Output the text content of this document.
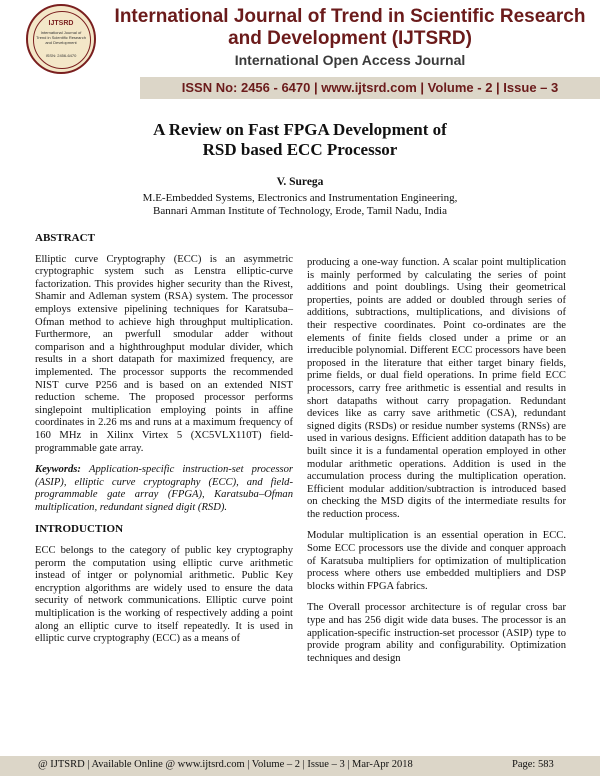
IJTSRD
International Journal of Trend in Scientific Research and Development
ISSN: 2456-6470
International Journal of Trend in Scientific Research and Development (IJTSRD)
International Open Access Journal
ISSN No: 2456 - 6470 | www.ijtsrd.com | Volume - 2 | Issue – 3
A Review on Fast FPGA Development of RSD based ECC Processor
V. Surega
M.E-Embedded Systems, Electronics and Instrumentation Engineering,
Bannari Amman Institute of Technology, Erode, Tamil Nadu, India
ABSTRACT

Elliptic curve Cryptography (ECC) is an asymmetric cryptographic system such as Lenstra elliptic-curve factorization. This provides higher security than the Rivest, Shamir and Adleman system (RSA) system. The processor employs extensive pipelining techniques for Karatsuba–Ofman method to achieve high throughput multiplication. Furthermore, an pwerfull smodular adder without comparison and a highthroughput modular divider, which results in a short datapath for maximized frequency, are implemented. The processor supports the recommended NIST curve P256 and is based on an extended NIST reduction scheme. The proposed processor performs singlepoint multiplication employing points in affine coordinates in 2.26 ms and runs at a maximum frequency of 160 MHz in Xilinx Virtex 5 (XC5VLX110T) field-programmable gate array.

Keywords: Application-specific instruction-set processor (ASIP), elliptic curve cryptography (ECC), and field-programmable gate array (FPGA), Karatsuba–Ofman multiplication, redundant signed digit (RSD).

INTRODUCTION

ECC belongs to the category of public key cryptography perorm the computation using elliptic curve arithmetic instead of intger or polynomial arithmetic. Public Key encryption algorithms are widely used to ensure the data security of network communications. Elliptic curve point multiplication is the working of respectively adding a point along an elliptic curve to itself repeatedly. It is used in elliptic curve cryptography (ECC) as a means of

producing a one-way function. A scalar point multiplication is mainly performed by calculating the series of point additions and point doublings. Using their geometrical properties, points are added or doubled through series of additions, subtractions, multiplications, and divisions of their respective coordinates. Point co-ordinates are the elements of finite fields closed under a prime or an irreducible polynomial. Different ECC processors have been proposed in the literature that either target binary fields, prime fields, or dual field operations. In prime field ECC processors, carry free arithmetic is essential and results in short datapaths without carry propagation. Redundant devices like as carry save arithmetic (CSA), redundant signed digits (RSDs) or residue number systems (RNSs) are used in various designs. Efficient addition datapath has to be built since it is a fundamental operation employed in other modular arithmetic operations. Addition is used in the accumulation process during the multiplication operation. Efficient modular addition/subtraction is introduced based on checking the MSD digits of the intermediate results for the reduction process.

Modular multiplication is an essential operation in ECC. Some ECC processors use the divide and conquer approach of Karatsuba multipliers for optimization of multiplication process where others use embedded multipliers and DSP blocks within FPGA fabrics.

The Overall processor architecture is of regular cross bar type and has 256 digit wide data buses. The processor is an application-specific instruction-set processor (ASIP) type to provide program ability and configurability. Optimization techniques and design

@ IJTSRD | Available Online @ www.ijtsrd.com | Volume – 2 | Issue – 3 | Mar-Apr 2018	Page: 583
